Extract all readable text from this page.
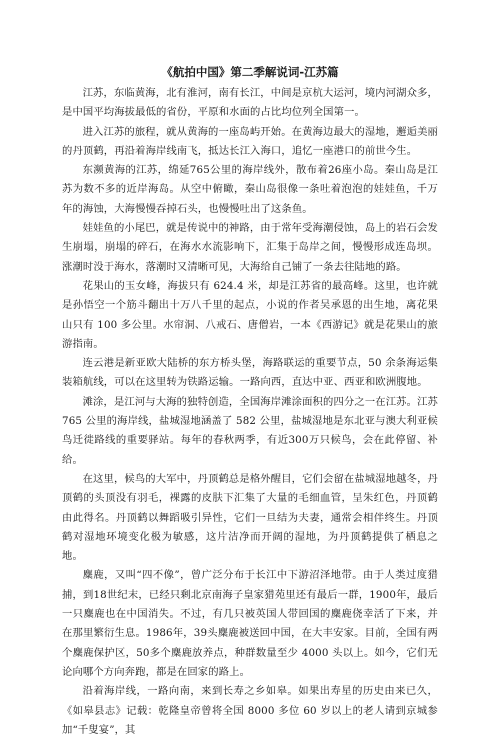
《航拍中国》第二季解说词-江苏篇

江苏，东临黄海，北有淮河，南有长江，中间是京杭大运河，境内河湖众多，是中国平均海拔最低的省份，平原和水面的占比均位列全国第一。

进入江苏的旅程，就从黄海的一座岛屿开始。在黄海边最大的湿地，邂逅美丽的丹顶鹤，再沿着海岸线南飞，抵达长江入海口，追忆一座港口的前世今生。

东濒黄海的江苏，绵延765公里的海岸线外，散布着26座小岛。秦山岛是江苏为数不多的近岸海岛。从空中俯瞰，秦山岛很像一条吐着泡泡的娃娃鱼，千万年的海蚀，大海慢慢吞掉石头，也慢慢吐出了这条鱼。

娃娃鱼的小尾巴，就是传说中的神路，由于常年受海潮侵蚀，岛上的岩石会发生崩塌，崩塌的碎石，在海水水流影响下，汇集于岛岸之间，慢慢形成连岛坝。涨潮时没于海水，落潮时又清晰可见，大海给自己铺了一条去往陆地的路。

花果山的玉女峰，海拔只有 624.4 米，却是江苏省的最高峰。这里，也许就是孙悟空一个筋斗翻出十万八千里的起点，小说的作者吴承恩的出生地，离花果山只有 100 多公里。水帘洞、八戒石、唐僧岩，一本《西游记》就是花果山的旅游指南。

连云港是新亚欧大陆桥的东方桥头堡，海路联运的重要节点，50 余条海运集装箱航线，可以在这里转为铁路运输。一路向西，直达中亚、西亚和欧洲腹地。

滩涂，是江河与大海的独特创造，全国海岸滩涂面积的四分之一在江苏。江苏 765 公里的海岸线，盐城湿地涵盖了 582 公里，盐城湿地是东北亚与澳大利亚候鸟迁徙路线的重要驿站。每年的春秋两季，有近300万只候鸟，会在此停留、补给。

在这里，候鸟的大军中，丹顶鹤总是格外醒目，它们会留在盐城湿地越冬，丹顶鹤的头顶没有羽毛，裸露的皮肤下汇集了大量的毛细血管，呈朱红色，丹顶鹤由此得名。丹顶鹤以舞蹈吸引异性，它们一旦结为夫妻，通常会相伴终生。丹顶鹤对湿地环境变化极为敏感，这片洁净而开阔的湿地，为丹顶鹤提供了栖息之地。

麋鹿，又叫“四不像”，曾广泛分布于长江中下游沼泽地带。由于人类过度猎捕，到18世纪末，已经只剩北京南海子皇家猎苑里还有最后一群，1900年，最后一只麋鹿也在中国消失。不过，有几只被英国人带回国的麋鹿侥幸活了下来，并在那里繁衍生息。1986年，39头麋鹿被送回中国，在大丰安家。目前，全国有两个麋鹿保护区，50多个麋鹿放养点，种群数量至少 4000 头以上。如今，它们无论向哪个方向奔跑，都是在回家的路上。

沿着海岸线，一路向南，来到长寿之乡如皋。如果出寿星的历史由来已久，《如皋县志》记载：乾隆皇帝曾将全国 8000 多位 60 岁以上的老人请到京城参加“千叟宴”，其
